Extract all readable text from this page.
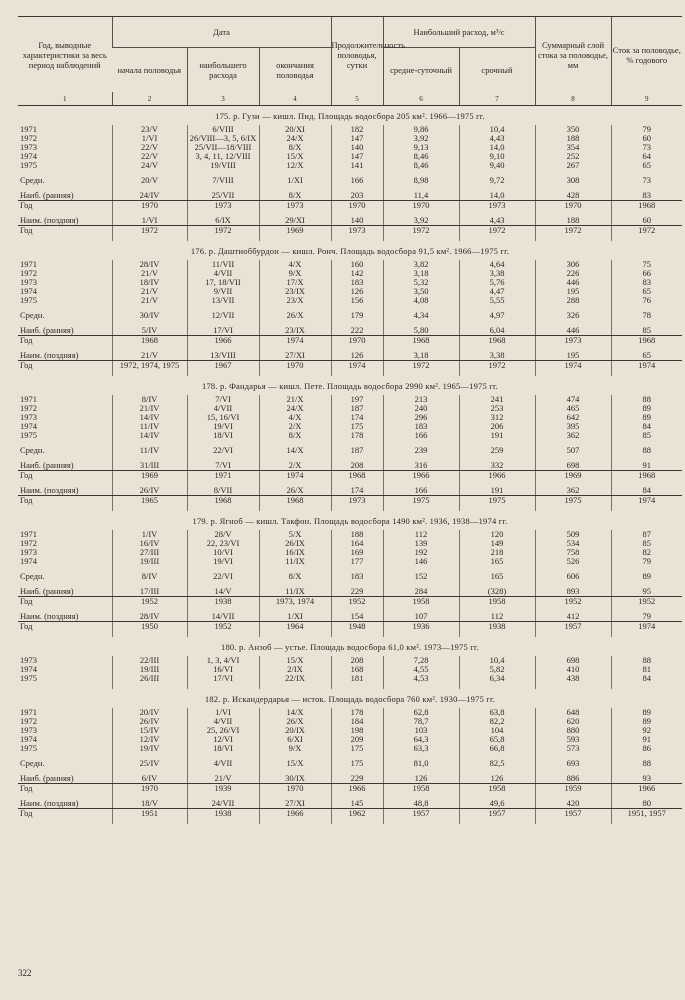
Год, выводные характеристики за весь период наблюдений	Дата			Продолжительность половодья, сутки	Наибольший расход, м³/с		Суммарный слой стока за половодье, мм	Сток за половодье, % годового
	начала половодья	наибольшего расхода	окончания половодья		средне-суточный	срочный		
1	2	3	4	5	6	7	8	9
175. р. Гузи — кишл. Пид. Площадь водосбора 205 км². 1966—1975 гг.								
1971	23/V	6/VIII	20/XI	182	9,86	10,4	350	79
1972	1/VI	26/VIII—3, 5, 6/IX	24/X	147	3,92	4,43	188	60
1973	22/V	25/VII—18/VIII	8/X	140	9,13	14,0	354	73
1974	22/V	3, 4, 11, 12/VIII	15/X	147	8,46	9,10	252	64
1975	24/V	19/VIII	12/X	141	8,46	9,40	267	65

Средн.	20/V	7/VIII	1/XI	166	8,98	9,72	308	73

Наиб. (ранняя)	24/IV	25/VII	8/X	203	11,4	14,0	428	83
Год	1970	1973	1973	1970	1970	1973	1970	1968

Наим. (поздняя)	1/VI	6/IX	29/XI	140	3,92	4,43	188	60
Год	1972	1972	1969	1973	1972	1972	1972	1972

176. р. Даштиоббурдон — кишл. Ронч. Площадь водосбора 91,5 км². 1966—1975 гг.								
1971	28/IV	11/VII	4/X	160	3,82	4,64	306	75
1972	21/V	4/VII	9/X	142	3,18	3,38	226	66
1973	18/IV	17, 18/VII	17/X	183	5,32	5,76	446	83
1974	21/V	9/VII	23/IX	126	3,50	4,47	195	65
1975	21/V	13/VII	23/X	156	4,08	5,55	288	76

Средн.	30/IV	12/VII	26/X	179	4,34	4,97	326	78

Наиб. (ранняя)	5/IV	17/VI	23/IX	222	5,80	6,04	446	85
Год	1968	1966	1974	1970	1968	1968	1973	1968

Наим. (поздняя)	21/V	13/VIII	27/XI	126	3,18	3,38	195	65
Год	1972, 1974, 1975	1967	1970	1974	1972	1972	1974	1974

178. р. Фандарья — кишл. Пете. Площадь водосбора 2990 км². 1965—1975 гг.								
1971	8/IV	7/VI	21/X	197	213	241	474	88
1972	21/IV	4/VII	24/X	187	240	253	465	89
1973	14/IV	15, 16/VI	4/X	174	296	312	642	89
1974	11/IV	19/VI	2/X	175	183	206	395	84
1975	14/IV	18/VI	8/X	178	166	191	362	85

Средн.	11/IV	22/VI	14/X	187	239	259	507	88

Наиб. (ранняя)	31/III	7/VI	2/X	208	316	332	698	91
Год	1969	1971	1974	1968	1966	1966	1969	1968

Наим. (поздняя)	26/IV	8/VII	26/X	174	166	191	362	84
Год	1965	1968	1968	1973	1975	1975	1975	1974

179. р. Ягноб — кишл. Такфон. Площадь водосбора 1490 км². 1936, 1938—1974 гг.								
1971	1/IV	28/V	5/X	188	112	120	509	87
1972	16/IV	22, 23/VI	26/IX	164	139	149	534	85
1973	27/III	10/VI	16/IX	169	192	218	758	82
1974	19/III	19/VI	11/IX	177	146	165	526	79

Средн.	8/IV	22/VI	8/X	183	152	165	606	89

Наиб. (ранняя)	17/III	14/V	11/IX	229	284	(328)	893	95
Год	1952	1938	1973, 1974	1952	1958	1958	1952	1952

Наим. (поздняя)	28/IV	14/VII	1/XI	154	107	112	412	79
Год	1950	1952	1964	1948	1936	1938	1957	1974

180. р. Анзоб — устье. Площадь водосбора 61,0 км². 1973—1975 гг.								
1973	22/III	1, 3, 4/VI	15/X	208	7,28	10,4	698	88
1974	19/III	16/VI	2/IX	168	4,55	5,82	410	81
1975	26/III	17/VI	22/IX	181	4,53	6,34	438	84

182. р. Искандердарья — исток. Площадь водосбора 760 км². 1930—1975 гг.								
1971	20/IV	1/VI	14/X	178	62,8	63,8	648	89
1972	26/IV	4/VII	26/X	184	78,7	82,2	620	89
1973	15/IV	25, 26/VI	20/IX	198	103	104	880	92
1974	12/IV	12/VI	6/XI	209	64,3	65,8	593	91
1975	19/IV	18/VI	9/X	175	63,3	66,8	573	86

Средн.	25/IV	4/VII	15/X	175	81,0	82,5	693	88

Наиб. (ранняя)	6/IV	21/V	30/IX	229	126	126	886	93
Год	1970	1939	1970	1966	1958	1958	1959	1966

Наим. (поздняя)	18/V	24/VII	27/XI	145	48,8	49,6	420	80
Год	1951	1938	1966	1962	1957	1957	1957	1951, 1957

322
